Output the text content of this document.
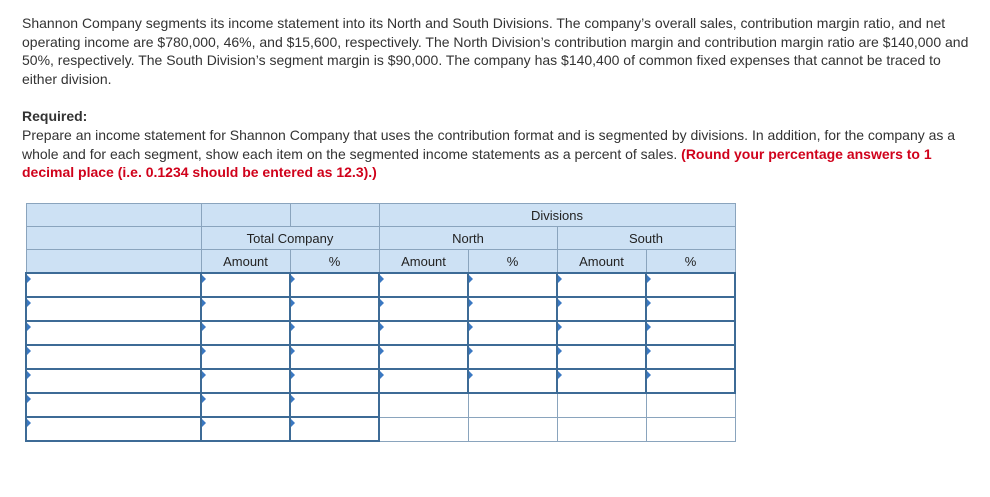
Shannon Company segments its income statement into its North and South Divisions. The company’s overall sales, contribution margin ratio, and net operating income are $780,000, 46%, and $15,600, respectively. The North Division’s contribution margin and contribution margin ratio are $140,000 and 50%, respectively. The South Division’s segment margin is $90,000. The company has $140,400 of common fixed expenses that cannot be traced to either division.

Required:

Prepare an income statement for Shannon Company that uses the contribution format and is segmented by divisions. In addition, for the company as a whole and for each segment, show each item on the segmented income statements as a percent of sales. (Round your percentage answers to 1 decimal place (i.e. 0.1234 should be entered as 12.3).)

			Divisions			
	Total Company		North		South	
	Amount	%	Amount	%	Amount	%
